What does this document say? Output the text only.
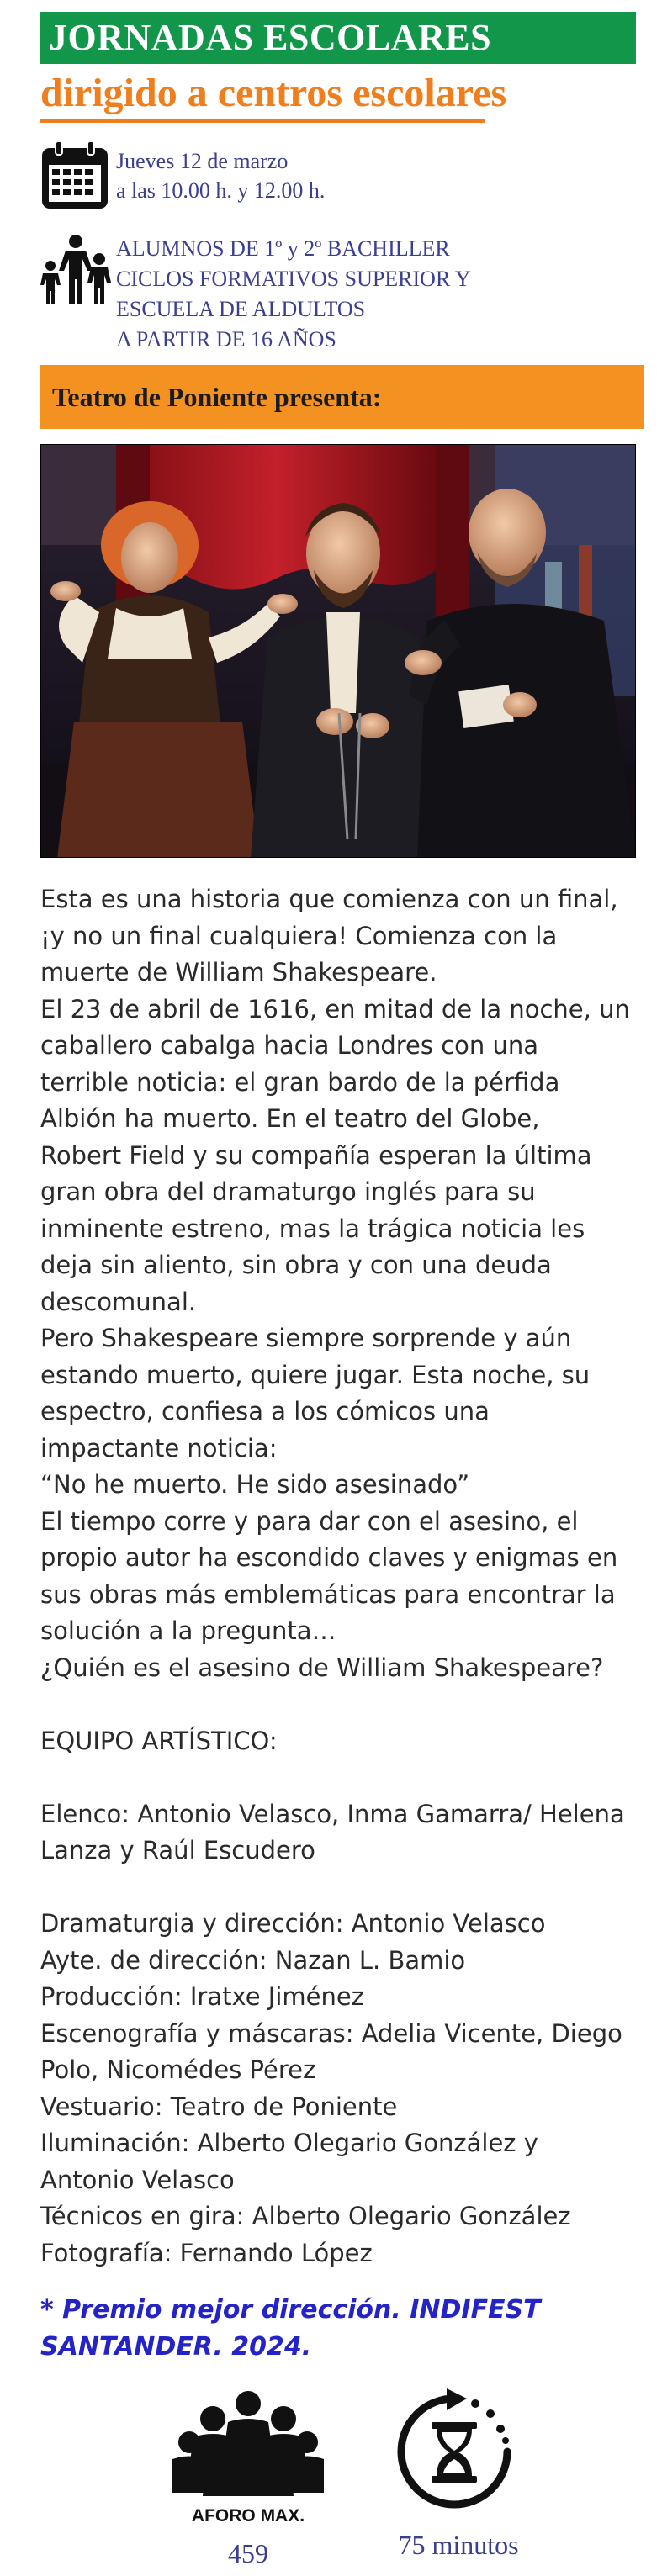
JORNADAS ESCOLARES
dirigido a centros escolares
Jueves 12 de marzo
a las 10.00 h. y 12.00 h.
ALUMNOS DE 1º y 2º BACHILLER
CICLOS FORMATIVOS SUPERIOR Y
ESCUELA DE ALDULTOS
A PARTIR DE 16 AÑOS
Teatro de Poniente presenta:

Esta es una historia que comienza con un final,

¡y no un final cualquiera! Comienza con la

muerte de William Shakespeare.

El 23 de abril de 1616, en mitad de la noche, un

caballero cabalga hacia Londres con una

terrible noticia: el gran bardo de la pérfida

Albión ha muerto. En el teatro del Globe,

Robert Field y su compañía esperan la última

gran obra del dramaturgo inglés para su

inminente estreno, mas la trágica noticia les

deja sin aliento, sin obra y con una deuda

descomunal.

Pero Shakespeare siempre sorprende y aún

estando muerto, quiere jugar. Esta noche, su

espectro, confiesa a los cómicos una

impactante noticia:

“No he muerto. He sido asesinado”

El tiempo corre y para dar con el asesino, el

propio autor ha escondido claves y enigmas en

sus obras más emblemáticas para encontrar la

solución a la pregunta…

¿Quién es el asesino de William Shakespeare?

EQUIPO ARTÍSTICO:

Elenco: Antonio Velasco, Inma Gamarra/ Helena

Lanza y Raúl Escudero

Dramaturgia y dirección: Antonio Velasco

Ayte. de dirección: Nazan L. Bamio

Producción: Iratxe Jiménez

Escenografía y máscaras: Adelia Vicente, Diego

Polo, Nicomédes Pérez

Vestuario: Teatro de Poniente

Iluminación: Alberto Olegario González y

Antonio Velasco

Técnicos en gira: Alberto Olegario González

Fotografía: Fernando López

* Premio mejor dirección. INDIFEST
SANTANDER. 2024.
AFORO MAX.
459	75 minutos
